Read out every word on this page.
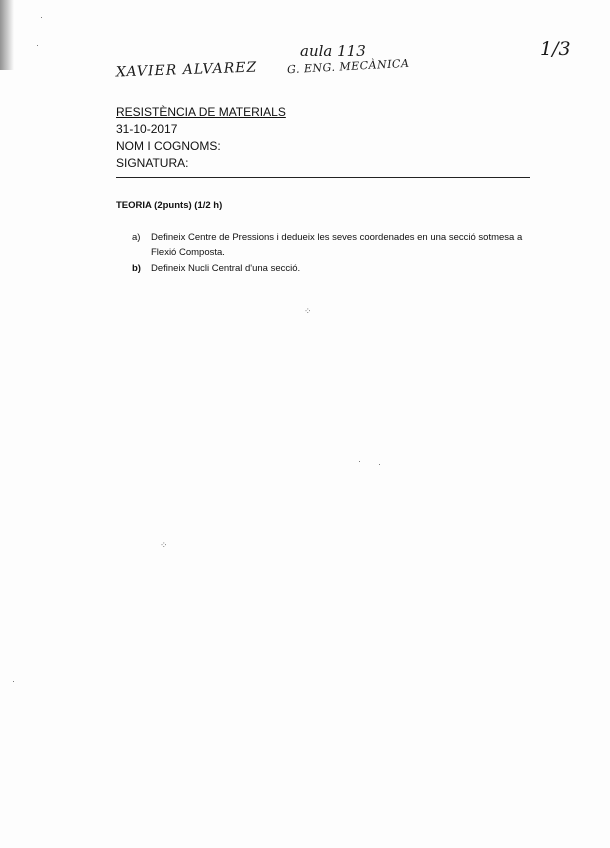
aula 113
G. ENG. MECÀNICA
1/3
XAVIER ALVAREZ
RESISTÈNCIA DE MATERIALS
31-10-2017
NOM I COGNOMS:
SIGNATURA:
TEORIA (2punts) (1/2 h)
a) Defineix Centre de Pressions i dedueix les seves coordenades en una secció sotmesa a Flexió Composta.
b) Defineix Nucli Central d'una secció.
·
·
⁘
· ·
⁘
·
